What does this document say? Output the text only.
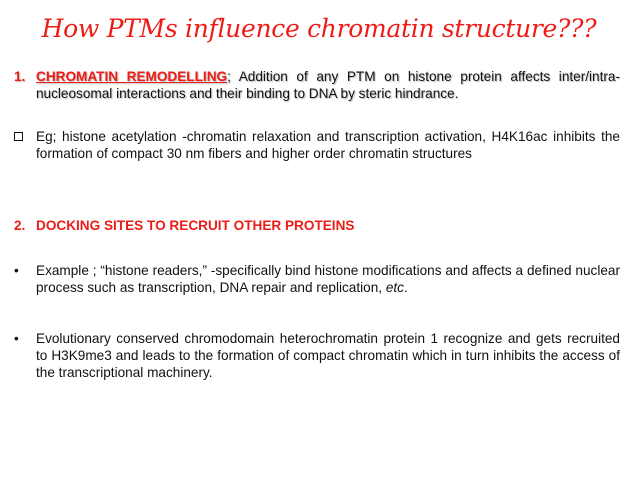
How PTMs influence chromatin structure???
1. CHROMATIN REMODELLING; Addition of any PTM on histone protein affects inter/intra-nucleosomal interactions and their binding to DNA by steric hindrance.
Eg; histone acetylation -chromatin relaxation and transcription activation, H4K16ac inhibits the formation of compact 30 nm fibers and higher order chromatin structures
2. DOCKING SITES TO RECRUIT OTHER PROTEINS
•	Example ; “histone readers,” -specifically bind histone modifications and affects a defined nuclear process such as transcription, DNA repair and replication, etc.
•	Evolutionary conserved chromodomain heterochromatin protein 1 recognize and gets recruited to H3K9me3 and leads to the formation of compact chromatin which in turn inhibits the access of the transcriptional machinery.
